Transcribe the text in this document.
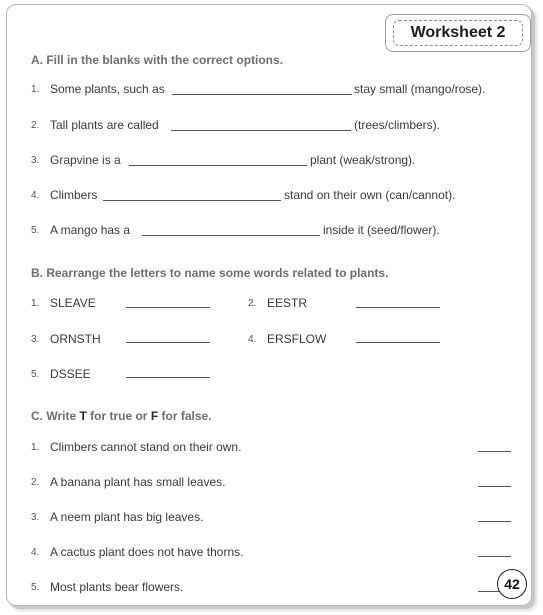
Worksheet 2
A. Fill in the blanks with the correct options.
1. Some plants, such as	stay small (mango/rose).
2. Tall plants are called	(trees/climbers).
3. Grapvine is a	plant (weak/strong).
4. Climbers	stand on their own (can/cannot).
5. A mango has a	inside it (seed/flower).
B. Rearrange the letters to name some words related to plants.
1. SLEAVE	2. EESTR
3. ORNSTH	4. ERSFLOW
5. DSSEE
C. Write T for true or F for false.
1. Climbers cannot stand on their own.
2. A banana plant has small leaves.
3. A neem plant has big leaves.
4. A cactus plant does not have thorns.
5. Most plants bear flowers.	42
